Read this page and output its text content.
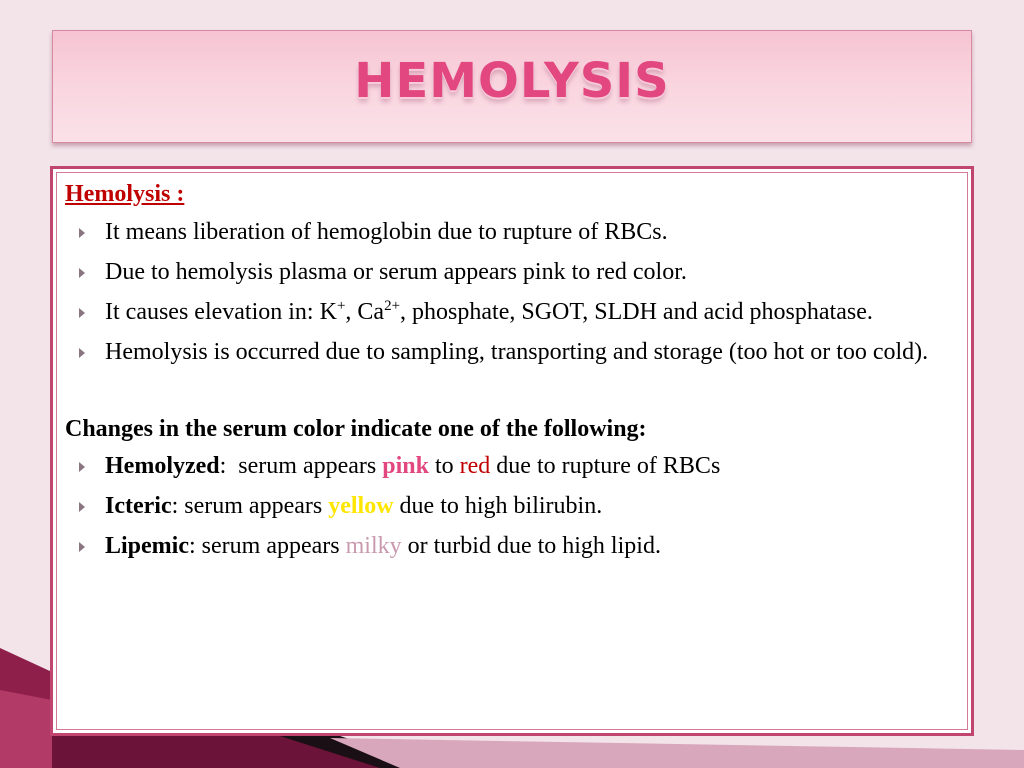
HEMOLYSIS
Hemolysis :
It means liberation of hemoglobin due to rupture of RBCs.
Due to hemolysis plasma or serum appears pink to red color.
It causes elevation in: K+, $Ca^{2+}$, phosphate, SGOT, SLDH and acid phosphatase.
Hemolysis is occurred due to sampling, transporting and storage (too hot or too cold).
Changes in the serum color indicate one of the following:
Hemolyzed:  serum appears pink to red due to rupture of RBCs
Icteric: serum appears yellow due to high bilirubin.
Lipemic: serum appears milky or turbid due to high lipid.
